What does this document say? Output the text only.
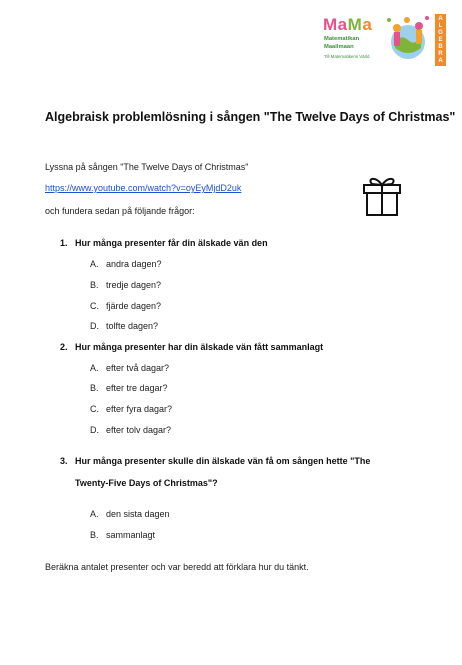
MaMa
Matematikan
Maailmaan
Till Matematikens Värld
A
L
G
E
B
R
A
Algebraisk problemlösning i sången "The Twelve Days of Christmas"
Lyssna på sången "The Twelve Days of Christmas"
https://www.youtube.com/watch?v=oyEyMjdD2uk
och fundera sedan på följande frågor:
1. Hur många presenter får din älskade vän den
A. andra dagen?
B. tredje dagen?
C. fjärde dagen?
D. tolfte dagen?
2. Hur många presenter har din älskade vän fått sammanlagt
A. efter två dagar?
B. efter tre dagar?
C. efter fyra dagar?
D. efter tolv dagar?
3. Hur många presenter skulle din älskade vän få om sången hette "The
Twenty-Five Days of Christmas"?
A. den sista dagen
B. sammanlagt
Beräkna antalet presenter och var beredd att förklara hur du tänkt.
